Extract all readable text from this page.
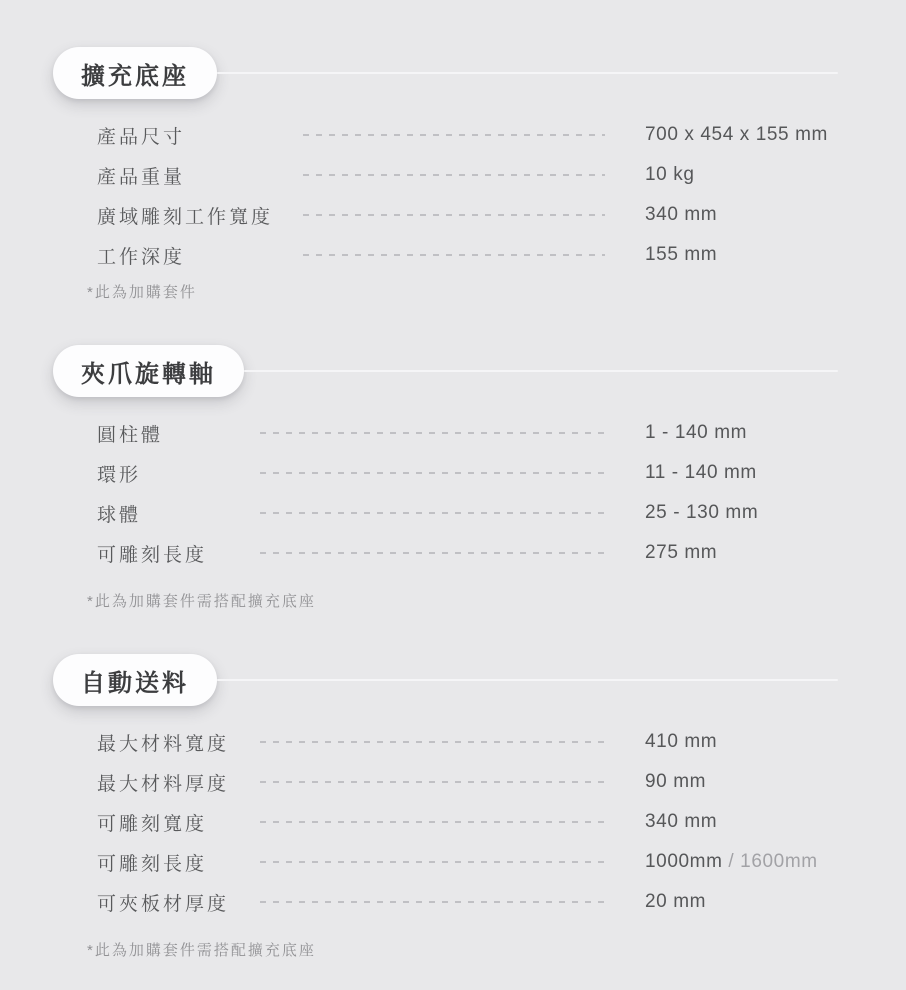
擴充底座
產品尺寸	700 x 454 x 155 mm
產品重量	10 kg
廣域雕刻工作寬度	340 mm
工作深度	155 mm

*此為加購套件

夾爪旋轉軸
圓柱體	1 - 140 mm
環形	11 - 140 mm
球體	25 - 130 mm
可雕刻長度	275 mm

*此為加購套件需搭配擴充底座

自動送料
最大材料寬度	410 mm
最大材料厚度	90 mm
可雕刻寬度	340 mm
可雕刻長度	1000mm / 1600mm
可夾板材厚度	20 mm

*此為加購套件需搭配擴充底座
